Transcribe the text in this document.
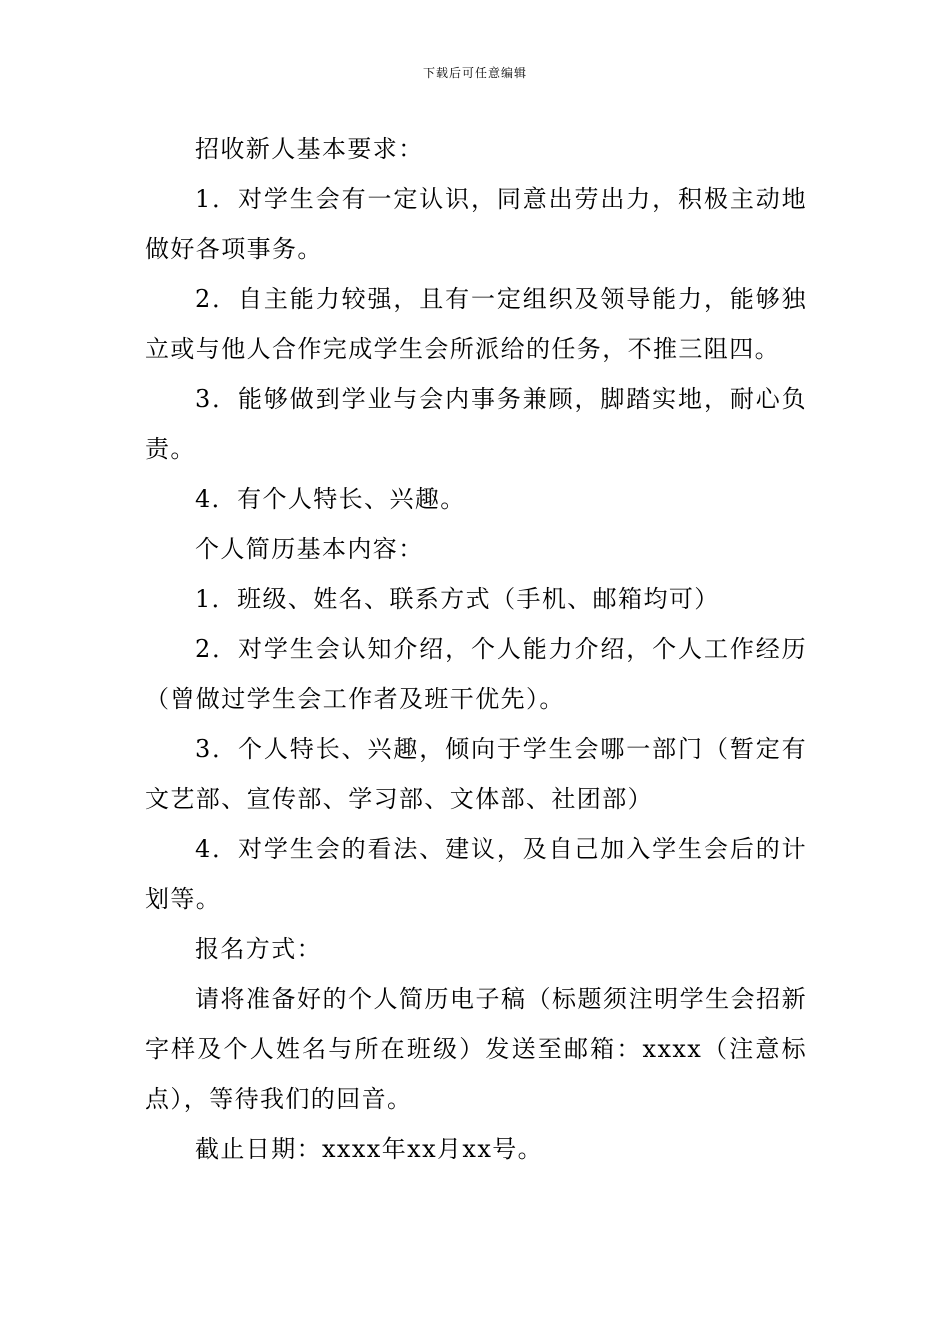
下载后可任意编辑

招收新人基本要求：

1．对学生会有一定认识，同意出劳出力，积极主动地做好各项事务。

2．自主能力较强，且有一定组织及领导能力，能够独立或与他人合作完成学生会所派给的任务，不推三阻四。

3．能够做到学业与会内事务兼顾，脚踏实地，耐心负责。

4．有个人特长、兴趣。

个人简历基本内容：

1．班级、姓名、联系方式（手机、邮箱均可）

2．对学生会认知介绍，个人能力介绍，个人工作经历（曾做过学生会工作者及班干优先）。

3．个人特长、兴趣，倾向于学生会哪一部门（暂定有文艺部、宣传部、学习部、文体部、社团部）

4．对学生会的看法、建议，及自己加入学生会后的计划等。

报名方式：

请将准备好的个人简历电子稿（标题须注明学生会招新字样及个人姓名与所在班级）发送至邮箱：xxxx（注意标点），等待我们的回音。

截止日期：xxxx年xx月xx号。
